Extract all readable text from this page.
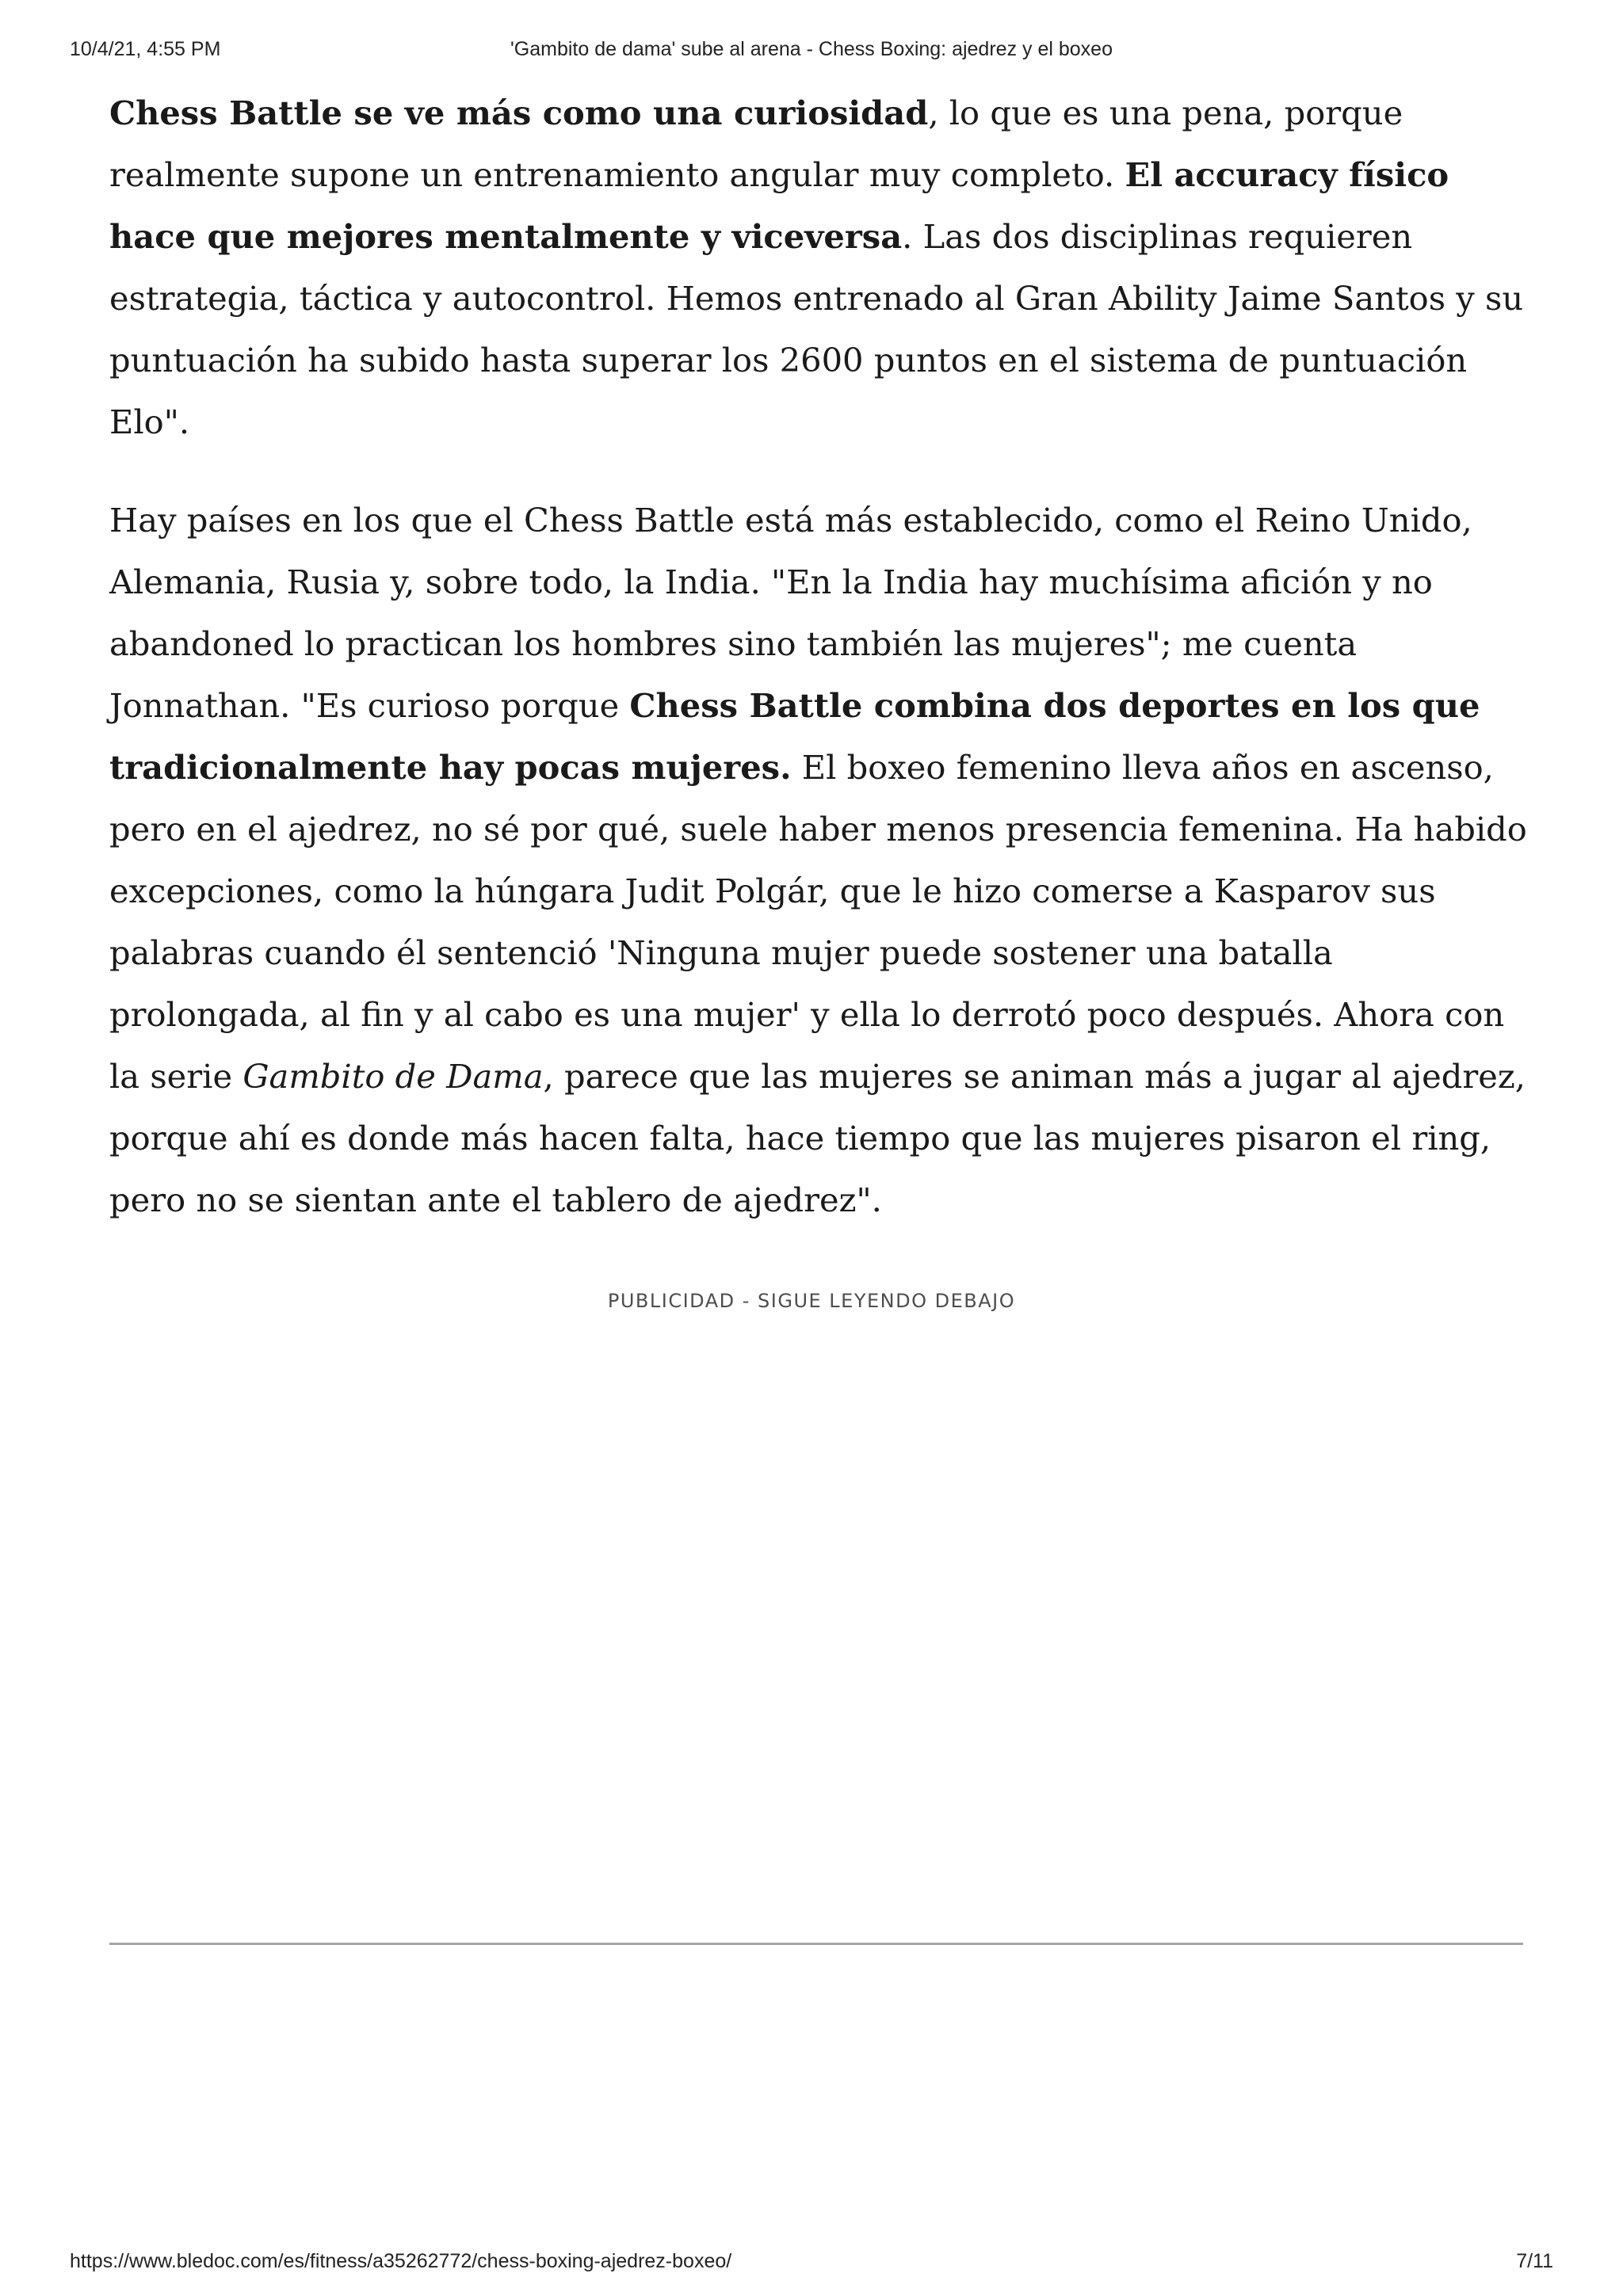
10/4/21, 4:55 PM	'Gambito de dama' sube al arena - Chess Boxing: ajedrez y el boxeo

Chess Battle se ve más como una curiosidad, lo que es una pena, porque realmente supone un entrenamiento angular muy completo. El accuracy físico hace que mejores mentalmente y viceversa. Las dos disciplinas requieren estrategia, táctica y autocontrol. Hemos entrenado al Gran Ability Jaime Santos y su puntuación ha subido hasta superar los 2600 puntos en el sistema de puntuación Elo".

Hay países en los que el Chess Battle está más establecido, como el Reino Unido, Alemania, Rusia y, sobre todo, la India. "En la India hay muchísima afición y no abandoned lo practican los hombres sino también las mujeres"; me cuenta Jonnathan. "Es curioso porque Chess Battle combina dos deportes en los que tradicionalmente hay pocas mujeres. El boxeo femenino lleva años en ascenso, pero en el ajedrez, no sé por qué, suele haber menos presencia femenina. Ha habido excepciones, como la húngara Judit Polgár, que le hizo comerse a Kasparov sus palabras cuando él sentenció 'Ninguna mujer puede sostener una batalla prolongada, al fin y al cabo es una mujer' y ella lo derrotó poco después. Ahora con la serie Gambito de Dama, parece que las mujeres se animan más a jugar al ajedrez, porque ahí es donde más hacen falta, hace tiempo que las mujeres pisaron el ring, pero no se sientan ante el tablero de ajedrez".

PUBLICIDAD - SIGUE LEYENDO DEBAJO
https://www.bledoc.com/es/fitness/a35262772/chess-boxing-ajedrez-boxeo/	7/11
